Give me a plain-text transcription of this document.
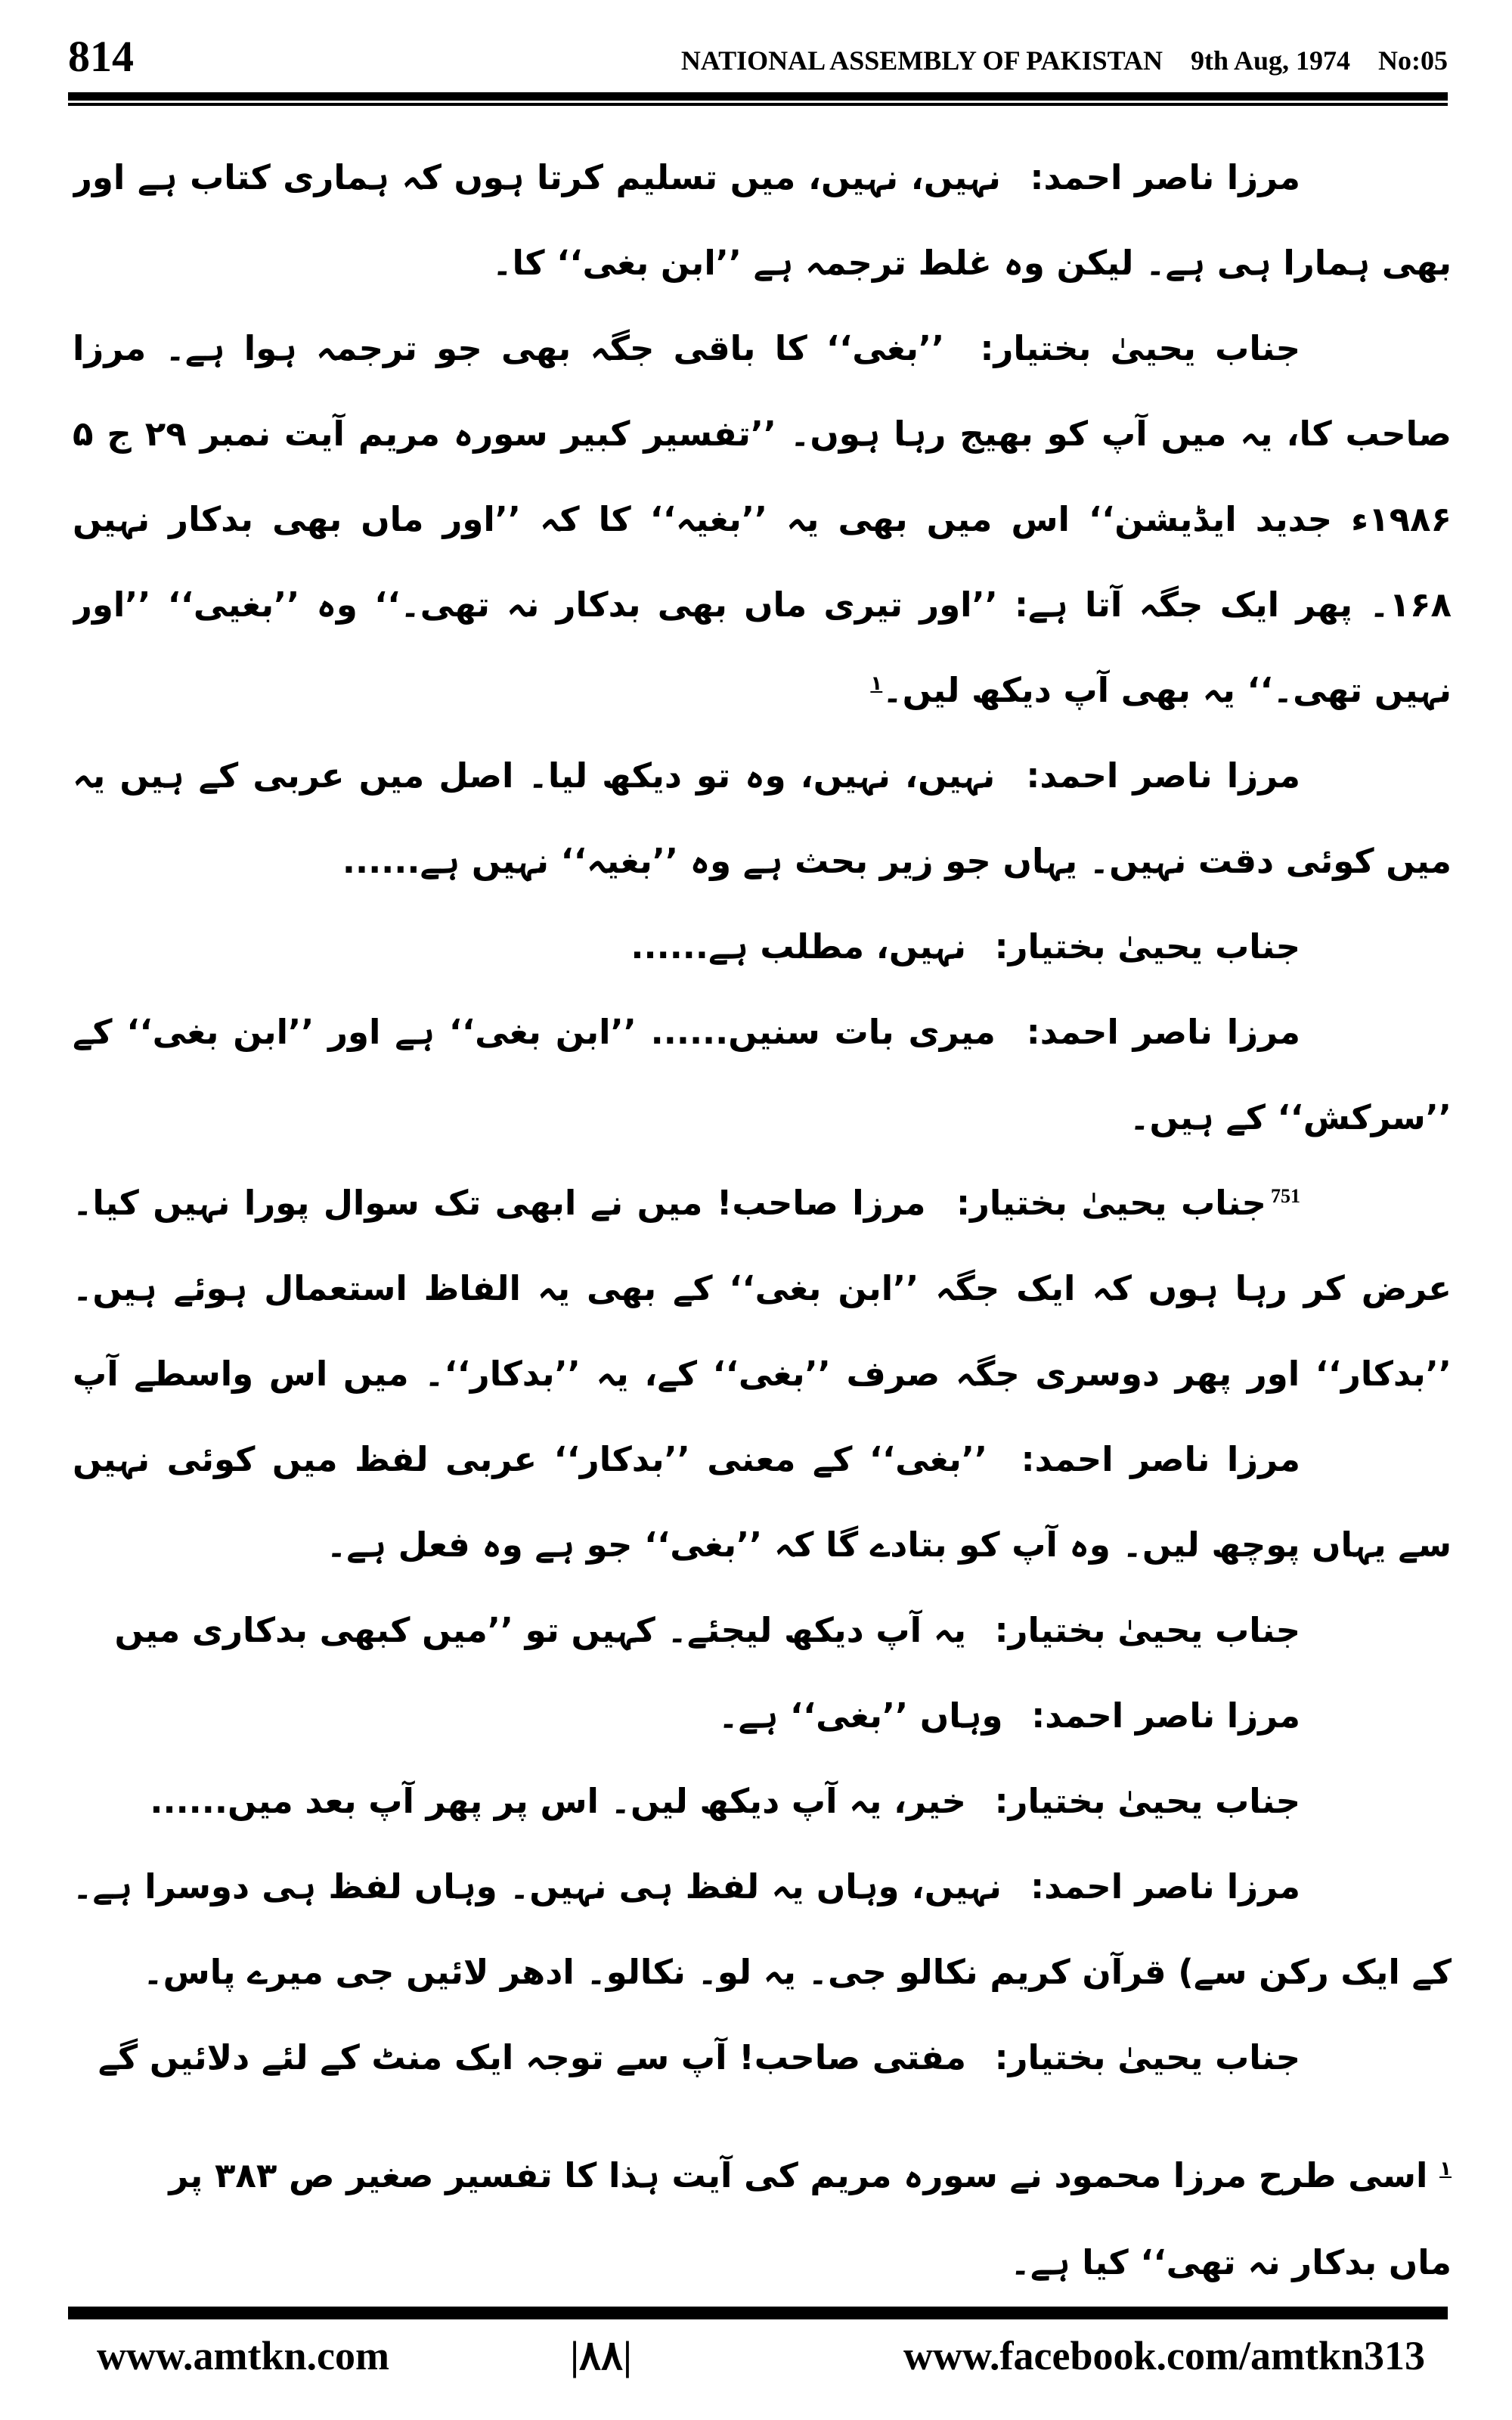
814	NATIONAL ASSEMBLY OF PAKISTAN 9th Aug, 1974 No:05
مرزا ناصر احمد: نہیں، نہیں، میں تسلیم کرتا ہوں کہ ہماری کتاب ہے اور
بھی ہمارا ہی ہے۔ لیکن وہ غلط ترجمہ ہے ’’ابن بغی‘‘ کا۔
جناب یحییٰ بختیار: ’’بغی‘‘ کا باقی جگہ بھی جو ترجمہ ہوا ہے۔ مرزا
صاحب کا، یہ میں آپ کو بھیج رہا ہوں۔ ’’تفسیر کبیر سورہ مریم آیت نمبر ۲۹ ج ۵
۱۹۸۶ء جدید ایڈیشن‘‘ اس میں بھی یہ ’’بغیہ‘‘ کا کہ ’’اور ماں بھی بدکار نہیں
۱۶۸۔ پھر ایک جگہ آتا ہے: ’’اور تیری ماں بھی بدکار نہ تھی۔‘‘ وہ ’’بغیی‘‘ ’’اور
نہیں تھی۔‘‘ یہ بھی آپ دیکھ لیں۔$^۱$
مرزا ناصر احمد: نہیں، نہیں، وہ تو دیکھ لیا۔ اصل میں عربی کے ہیں یہ
میں کوئی دقت نہیں۔ یہاں جو زیر بحث ہے وہ ’’بغیہ‘‘ نہیں ہے......
جناب یحییٰ بختیار: نہیں، مطلب ہے......
مرزا ناصر احمد: میری بات سنیں...... ’’ابن بغی‘‘ ہے اور ’’ابن بغی‘‘ کے
’’سرکش‘‘ کے ہیں۔
$^{751}$جناب یحییٰ بختیار: مرزا صاحب! میں نے ابھی تک سوال پورا نہیں کیا۔
عرض کر رہا ہوں کہ ایک جگہ ’’ابن بغی‘‘ کے بھی یہ الفاظ استعمال ہوئے ہیں۔
’’بدکار‘‘ اور پھر دوسری جگہ صرف ’’بغی‘‘ کے، یہ ’’بدکار‘‘۔ میں اس واسطے آپ
مرزا ناصر احمد: ’’بغی‘‘ کے معنی ’’بدکار‘‘ عربی لفظ میں کوئی نہیں
سے یہاں پوچھ لیں۔ وہ آپ کو بتادے گا کہ ’’بغی‘‘ جو ہے وہ فعل ہے۔
جناب یحییٰ بختیار: یہ آپ دیکھ لیجئے۔ کہیں تو ’’میں کبھی بدکاری میں
مرزا ناصر احمد: وہاں ’’بغی‘‘ ہے۔
جناب یحییٰ بختیار: خیر، یہ آپ دیکھ لیں۔ اس پر پھر آپ بعد میں......
مرزا ناصر احمد: نہیں، وہاں یہ لفظ ہی نہیں۔ وہاں لفظ ہی دوسرا ہے۔
کے ایک رکن سے) قرآن کریم نکالو جی۔ یہ لو۔ نکالو۔ ادھر لائیں جی میرے پاس۔
جناب یحییٰ بختیار: مفتی صاحب! آپ سے توجہ ایک منٹ کے لئے دلائیں گے
$^۱$ اسی طرح مرزا محمود نے سورہ مریم کی آیت ہذا کا تفسیر صغیر ص ۳۸۳ پر
ماں بدکار نہ تھی‘‘ کیا ہے۔
www.amtkn.com	|۸۸|	www.facebook.com/amtkn313
